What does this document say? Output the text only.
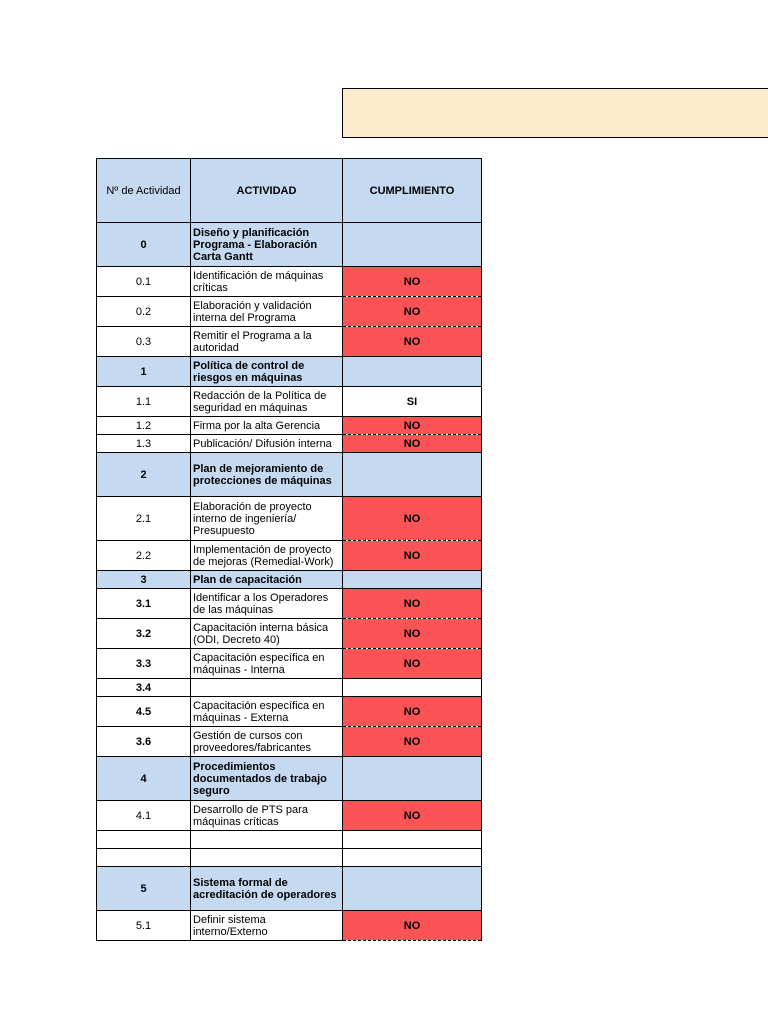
Nº de Actividad	ACTIVIDAD	CUMPLIMIENTO
0	Diseño y planificación Programa - Elaboración Carta Gantt	
0.1	Identificación de máquinas críticas	NO
0.2	Elaboración y validación interna del Programa	NO
0.3	Remitir el Programa a la autoridad	NO
1	Política de control de riesgos en máquinas	
1.1	Redacción de la Política de seguridad en máquinas	SI
1.2	Firma por la alta Gerencia	NO
1.3	Publicación/ Difusión interna	NO
2	Plan de mejoramiento de protecciones de máquinas	
2.1	Elaboración de proyecto interno de ingeniería/ Presupuesto	NO
2.2	Implementación de proyecto de mejoras (Remedial-Work)	NO
3	Plan de capacitación	
3.1	Identificar a los Operadores de las máquinas	NO
3.2	Capacitación interna básica (ODI, Decreto 40)	NO
3.3	Capacitación específica en máquinas - Interna	NO
3.4		
4.5	Capacitación específica en máquinas - Externa	NO
3.6	Gestión de cursos con proveedores/fabricantes	NO
4	Procedimientos documentados de trabajo seguro	
4.1	Desarrollo de PTS para máquinas críticas	NO

5	Sistema formal de acreditación de operadores	
5.1	Definir sistema interno/Externo	NO
